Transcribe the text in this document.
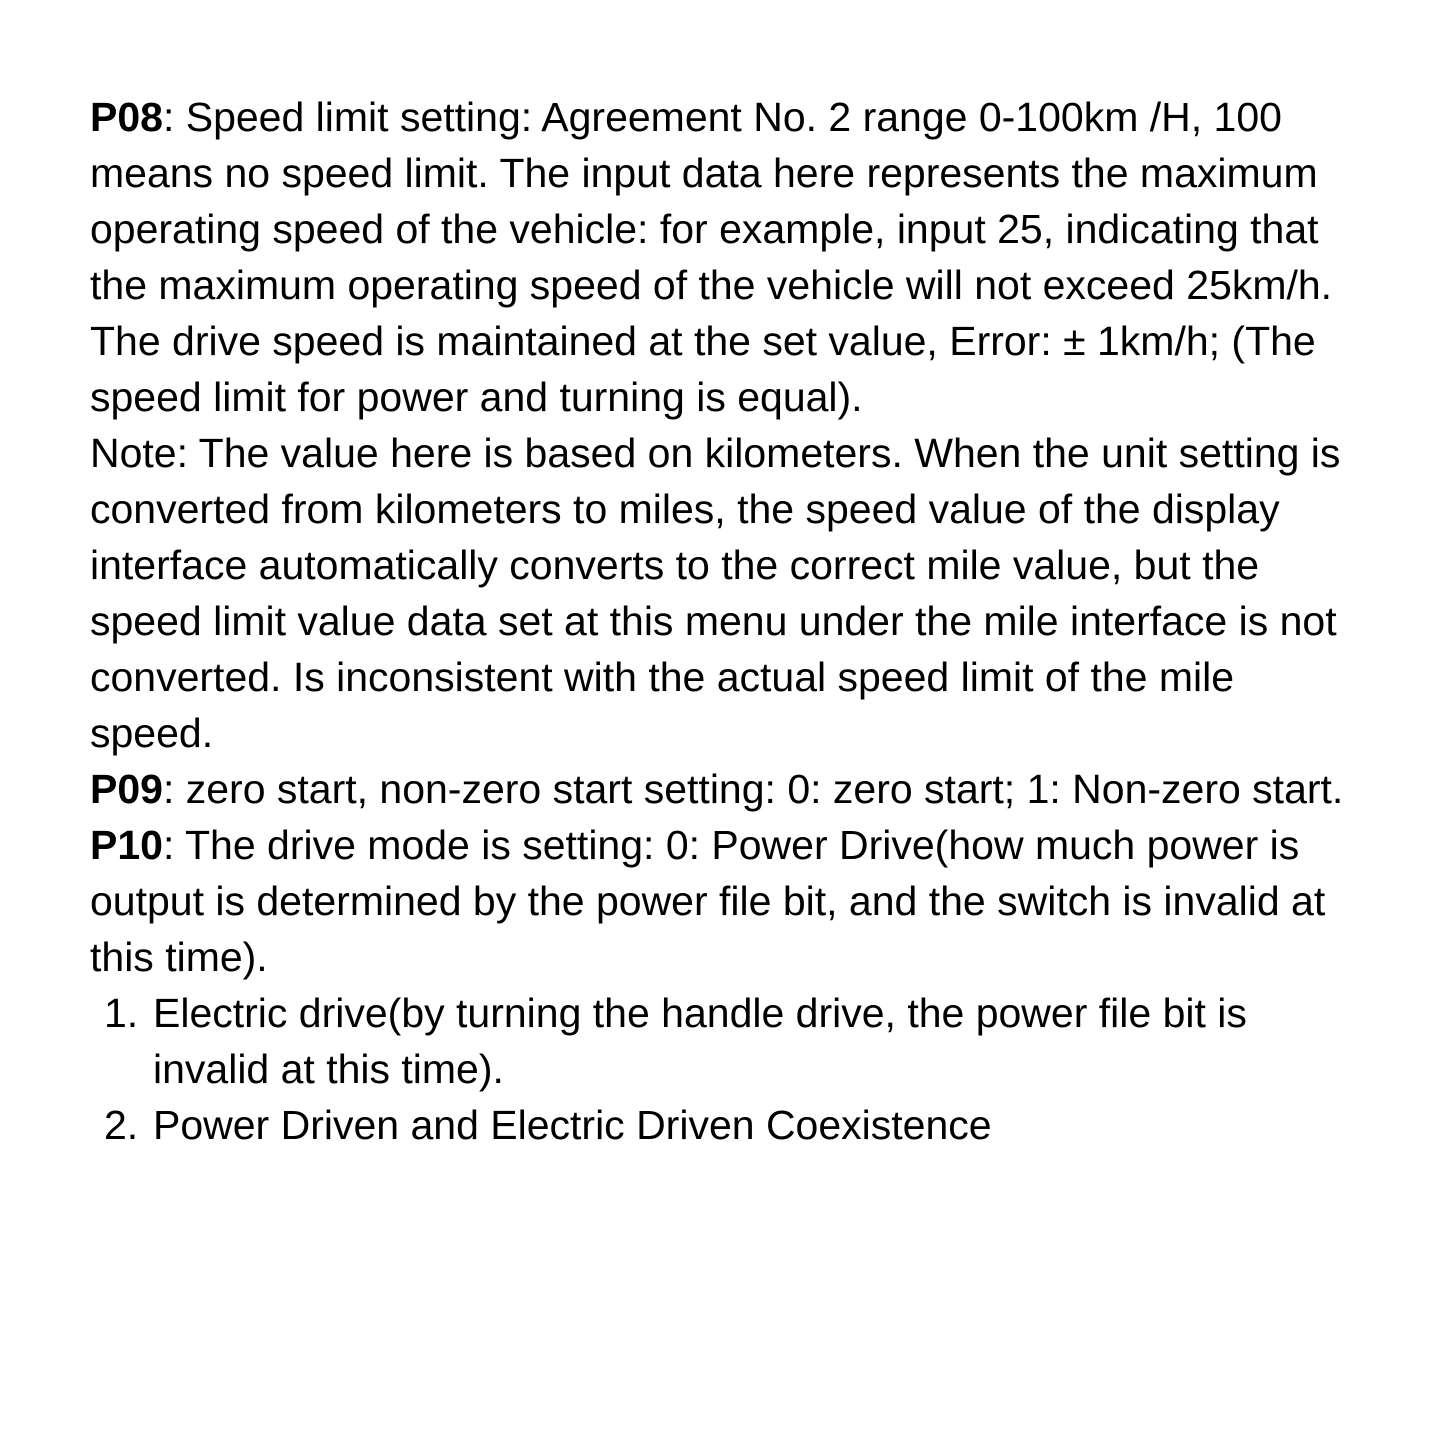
P08: Speed limit setting: Agreement No. 2 range 0-100km /H, 100 means no speed limit. The input data here represents the maximum operating speed of the vehicle: for example, input 25, indicating that the maximum operating speed of the vehicle will not exceed 25km/h. The drive speed is maintained at the set value, Error: ± 1km/h; (The speed limit for power and turning is equal).

Note: The value here is based on kilometers. When the unit setting is converted from kilometers to miles, the speed value of the display interface automatically converts to the correct mile value, but the speed limit value data set at this menu under the mile interface is not converted. Is inconsistent with the actual speed limit of the mile speed.

P09: zero start, non-zero start setting: 0: zero start; 1: Non-zero start.

P10: The drive mode is setting: 0: Power Drive(how much power is output is determined by the power file bit, and the switch is invalid at this time).

1. Electric drive(by turning the handle drive, the power file bit is invalid at this time).
2. Power Driven and Electric Driven Coexistence
